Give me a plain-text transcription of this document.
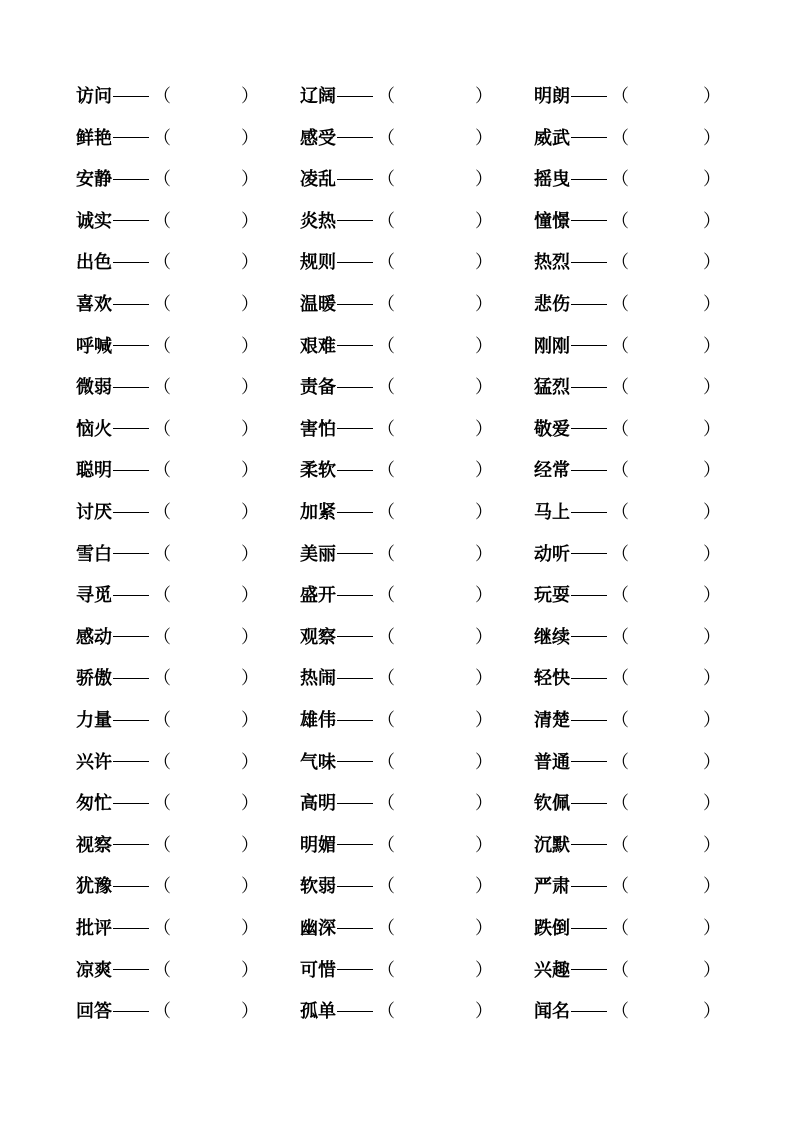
访问 （	） 辽阔 （	） 明朗 （	）
鲜艳 （	） 感受 （	） 威武 （	）
安静 （	） 凌乱 （	） 摇曳 （	）
诚实 （	） 炎热 （	） 憧憬 （	）
出色 （	） 规则 （	） 热烈 （	）
喜欢 （	） 温暖 （	） 悲伤 （	）
呼喊 （	） 艰难 （	） 刚刚 （	）
微弱 （	） 责备 （	） 猛烈 （	）
恼火 （	） 害怕 （	） 敬爱 （	）
聪明 （	） 柔软 （	） 经常 （	）
讨厌 （	） 加紧 （	） 马上 （	）
雪白 （	） 美丽 （	） 动听 （	）
寻觅 （	） 盛开 （	） 玩耍 （	）
感动 （	） 观察 （	） 继续 （	）
骄傲 （	） 热闹 （	） 轻快 （	）
力量 （	） 雄伟 （	） 清楚 （	）
兴许 （	） 气味 （	） 普通 （	）
匆忙 （	） 高明 （	） 钦佩 （	）
视察 （	） 明媚 （	） 沉默 （	）
犹豫 （	） 软弱 （	） 严肃 （	）
批评 （	） 幽深 （	） 跌倒 （	）
凉爽 （	） 可惜 （	） 兴趣 （	）
回答 （	） 孤单 （	） 闻名 （	）
